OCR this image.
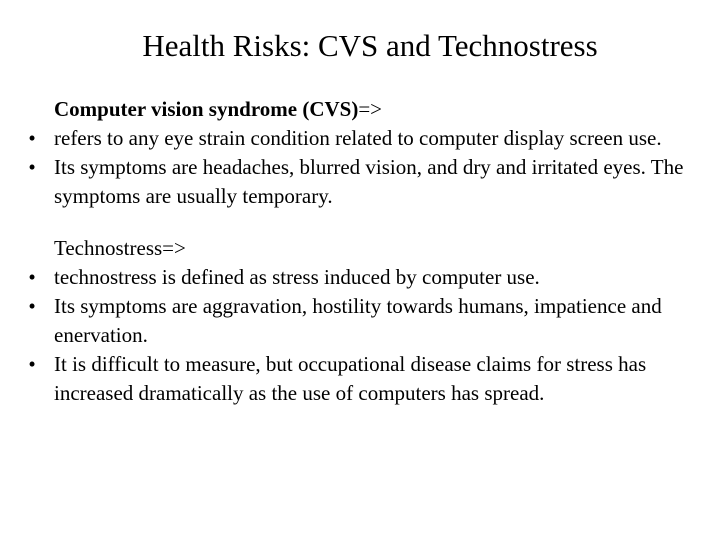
Health Risks: CVS and Technostress
Computer vision syndrome (CVS)=>
• refers to any eye strain condition related to computer display screen use.
• Its symptoms are headaches, blurred vision, and dry and irritated eyes. The symptoms are usually temporary.
Technostress=>
• technostress is defined as stress induced by computer use.
• Its symptoms are aggravation, hostility towards humans, impatience and enervation.
• It is difficult to measure, but occupational disease claims for stress has increased dramatically as the use of computers has spread.
